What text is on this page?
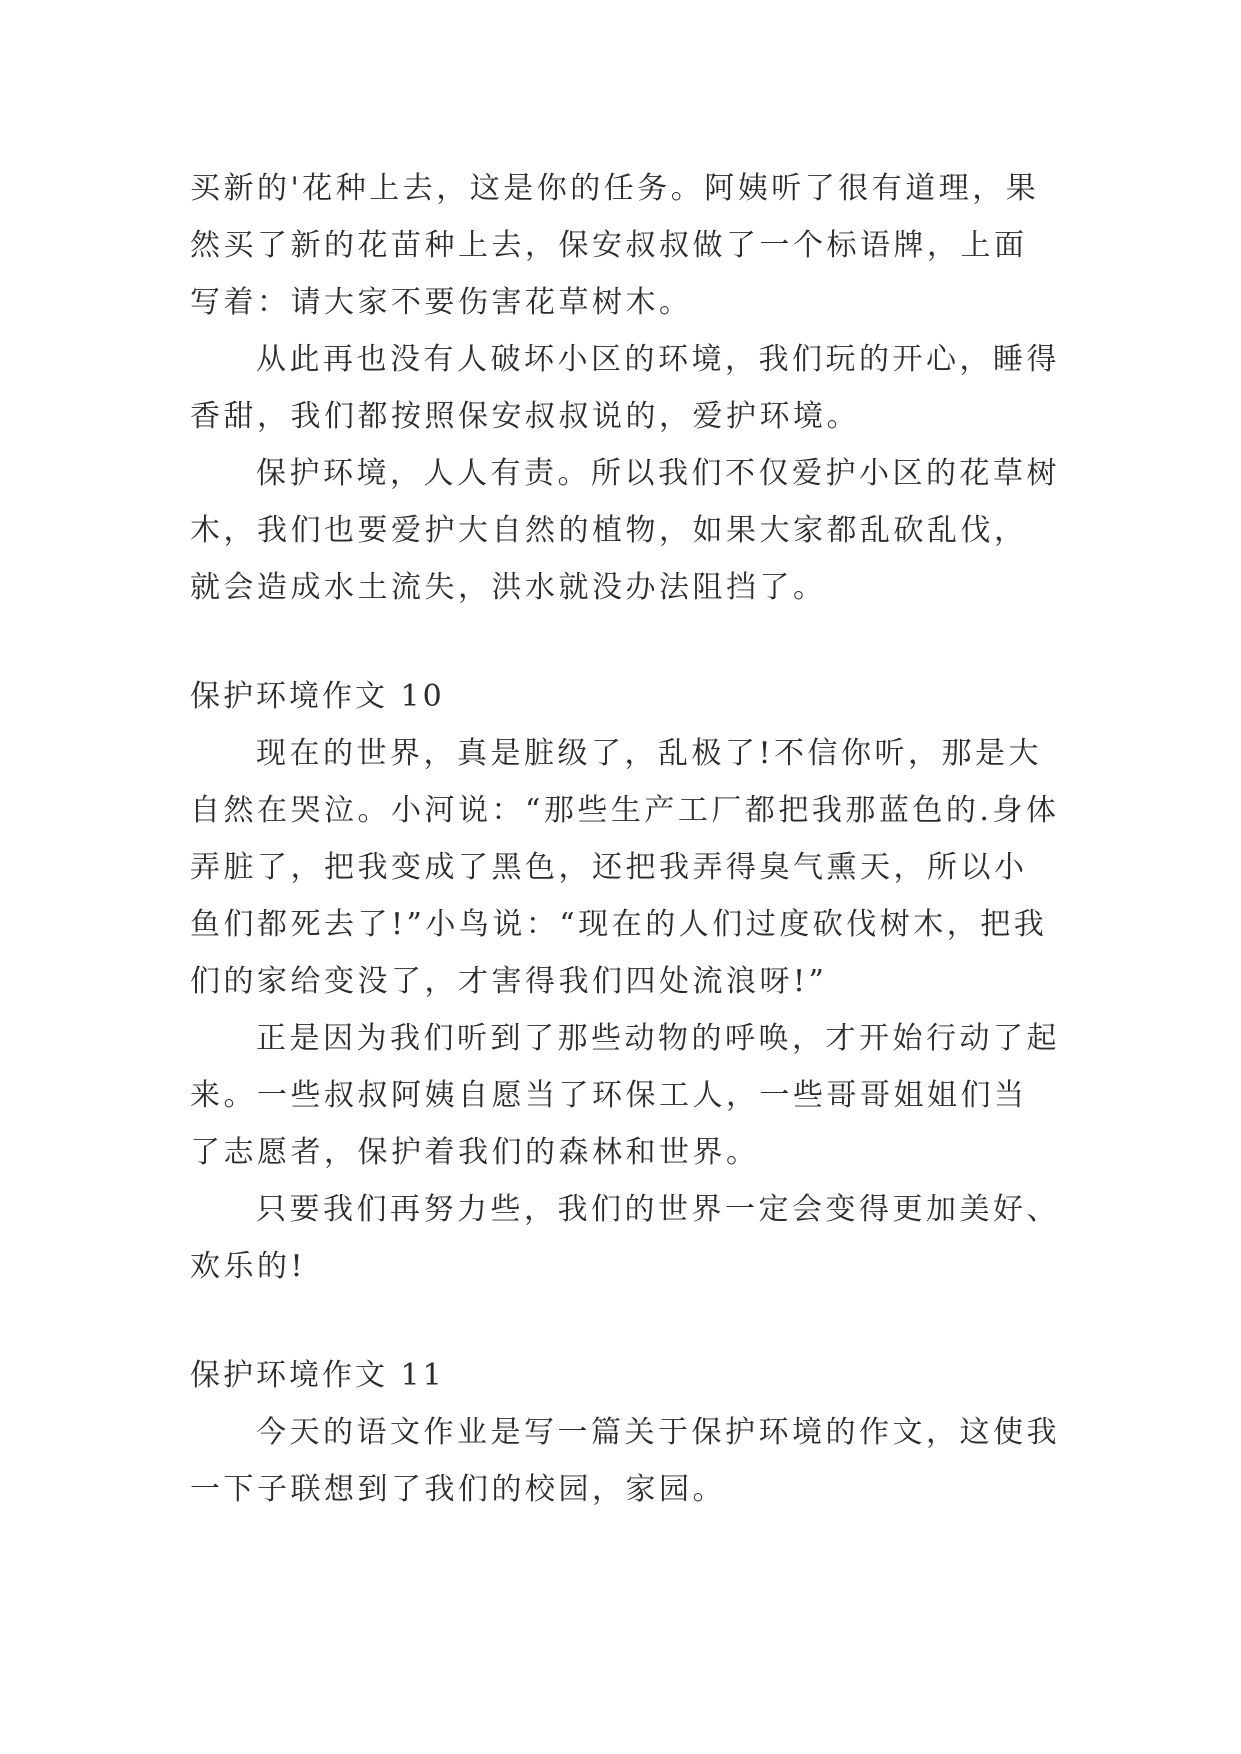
买新的'花种上去，这是你的任务。阿姨听了很有道理，果然买了新的花苗种上去，保安叔叔做了一个标语牌，上面写着：请大家不要伤害花草树木。

从此再也没有人破坏小区的环境，我们玩的开心，睡得香甜，我们都按照保安叔叔说的，爱护环境。

保护环境，人人有责。所以我们不仅爱护小区的花草树木，我们也要爱护大自然的植物，如果大家都乱砍乱伐，就会造成水土流失，洪水就没办法阻挡了。

保护环境作文 10

现在的世界，真是脏级了，乱极了!不信你听，那是大自然在哭泣。小河说：“那些生产工厂都把我那蓝色的.身体弄脏了，把我变成了黑色，还把我弄得臭气熏天，所以小鱼们都死去了!”小鸟说：“现在的人们过度砍伐树木，把我们的家给变没了，才害得我们四处流浪呀!”

正是因为我们听到了那些动物的呼唤，才开始行动了起来。一些叔叔阿姨自愿当了环保工人，一些哥哥姐姐们当了志愿者，保护着我们的森林和世界。

只要我们再努力些，我们的世界一定会变得更加美好、欢乐的!

保护环境作文 11

今天的语文作业是写一篇关于保护环境的作文，这使我一下子联想到了我们的校园，家园。
